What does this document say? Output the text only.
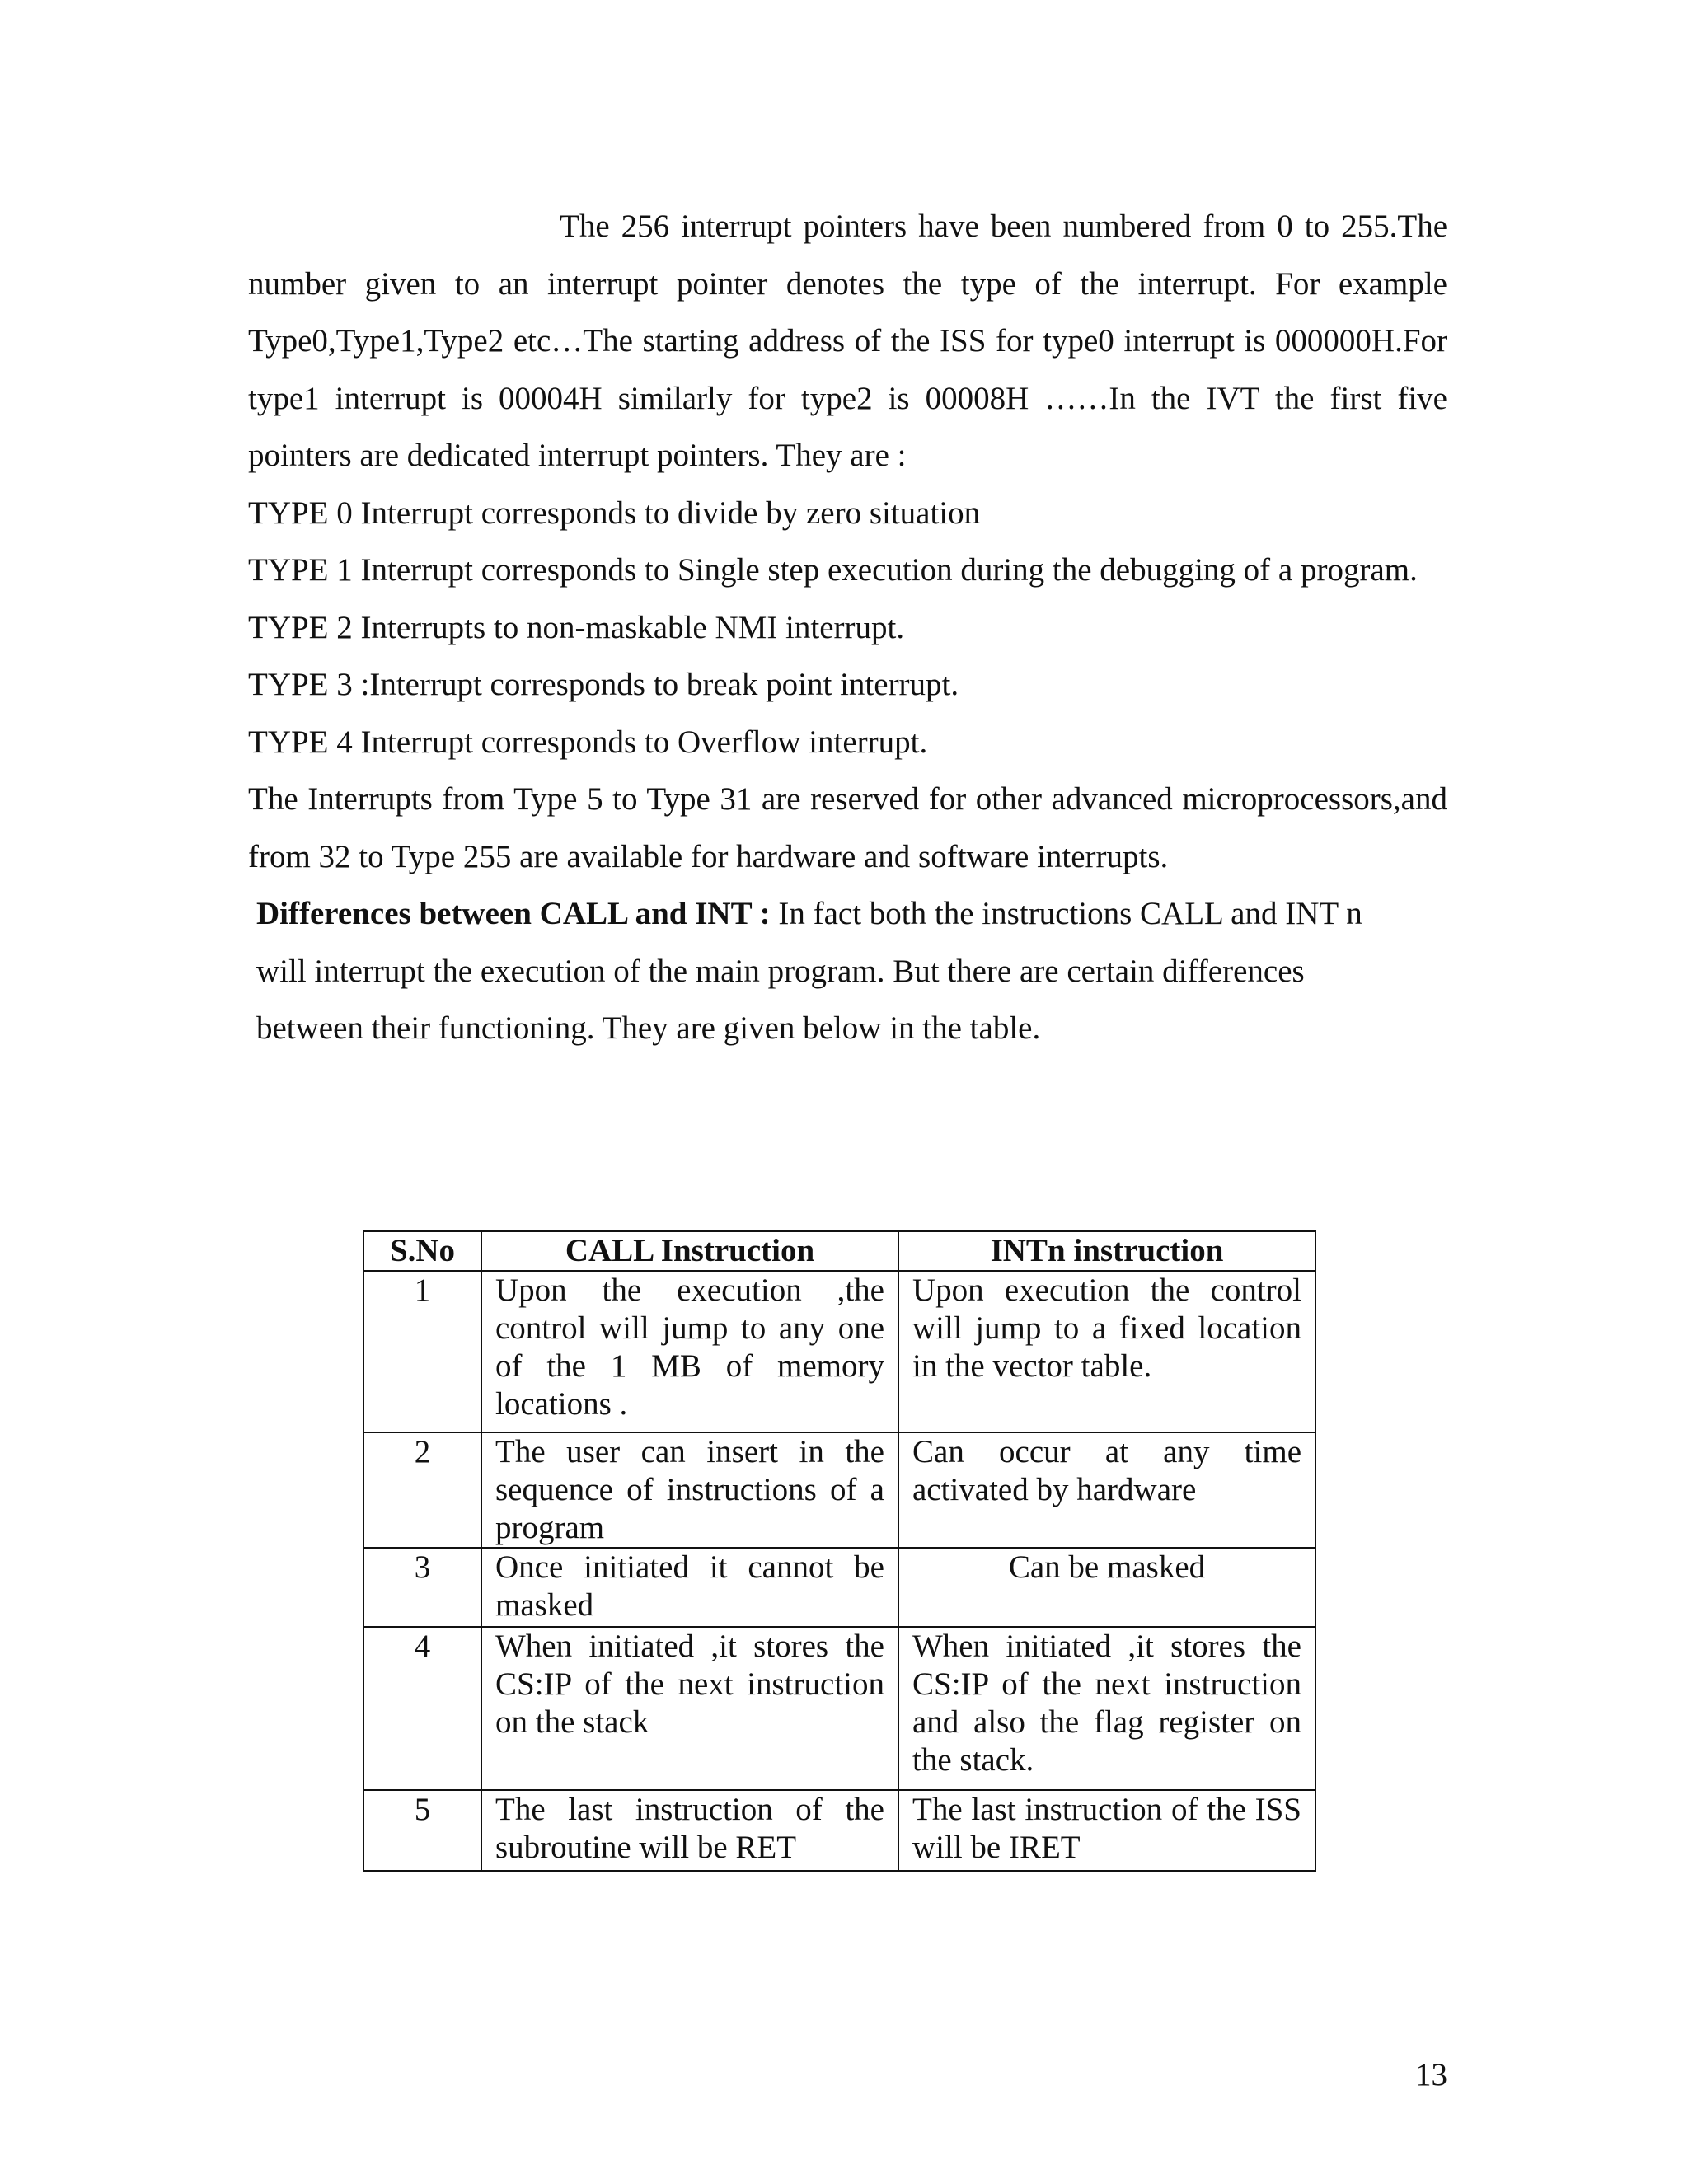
The 256 interrupt pointers have been numbered from 0 to 255.The number given to an interrupt pointer denotes the type of the interrupt. For example Type0,Type1,Type2 etc…The starting address of the ISS for type0 interrupt is 000000H.For type1 interrupt is 00004H similarly for type2 is 00008H ……In the IVT the first five pointers are dedicated interrupt pointers. They are :

TYPE 0 Interrupt corresponds to divide by zero situation

TYPE 1 Interrupt corresponds to Single step execution during the debugging of a program.

TYPE 2 Interrupts to non-maskable NMI interrupt.

TYPE 3 :Interrupt corresponds to break point interrupt.

TYPE 4 Interrupt corresponds to Overflow interrupt.

The Interrupts from Type 5 to Type 31 are reserved for other advanced microprocessors,and from 32 to Type 255 are available for hardware and software interrupts.

Differences between CALL and INT : In fact both the instructions CALL and INT n will interrupt the execution of the main program. But there are certain differences between their functioning. They are given below in the table.

S.No	CALL Instruction	INTn instruction
1	Upon the execution ,the control will jump to any one of the 1 MB of memory locations .	Upon execution the control will jump to a fixed location in the vector table.
2	The user can insert in the sequence of instructions of a program	Can occur at any time activated by hardware
3	Once initiated it cannot be masked	Can be masked
4	When initiated ,it stores the CS:IP of the next instruction on the stack	When initiated ,it stores the CS:IP of the next instruction and also the flag register on the stack.
5	The last instruction of the subroutine will be RET	The last instruction of the ISS will be IRET
13
